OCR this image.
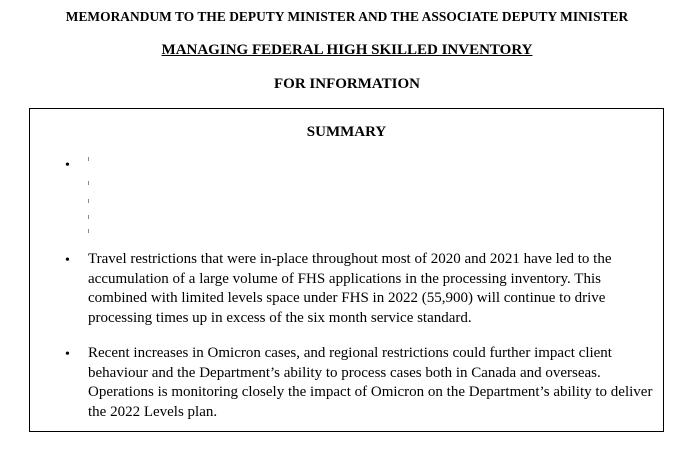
MEMORANDUM TO THE DEPUTY MINISTER AND THE ASSOCIATE DEPUTY MINISTER
MANAGING FEDERAL HIGH SKILLED INVENTORY
FOR INFORMATION
SUMMARY
•
• Travel restrictions that were in-place throughout most of 2020 and 2021 have led to the accumulation of a large volume of FHS applications in the processing inventory. This combined with limited levels space under FHS in 2022 (55,900) will continue to drive processing times up in excess of the six month service standard.

• Recent increases in Omicron cases, and regional restrictions could further impact client behaviour and the Department’s ability to process cases both in Canada and overseas. Operations is monitoring closely the impact of Omicron on the Department’s ability to deliver the 2022 Levels plan.
